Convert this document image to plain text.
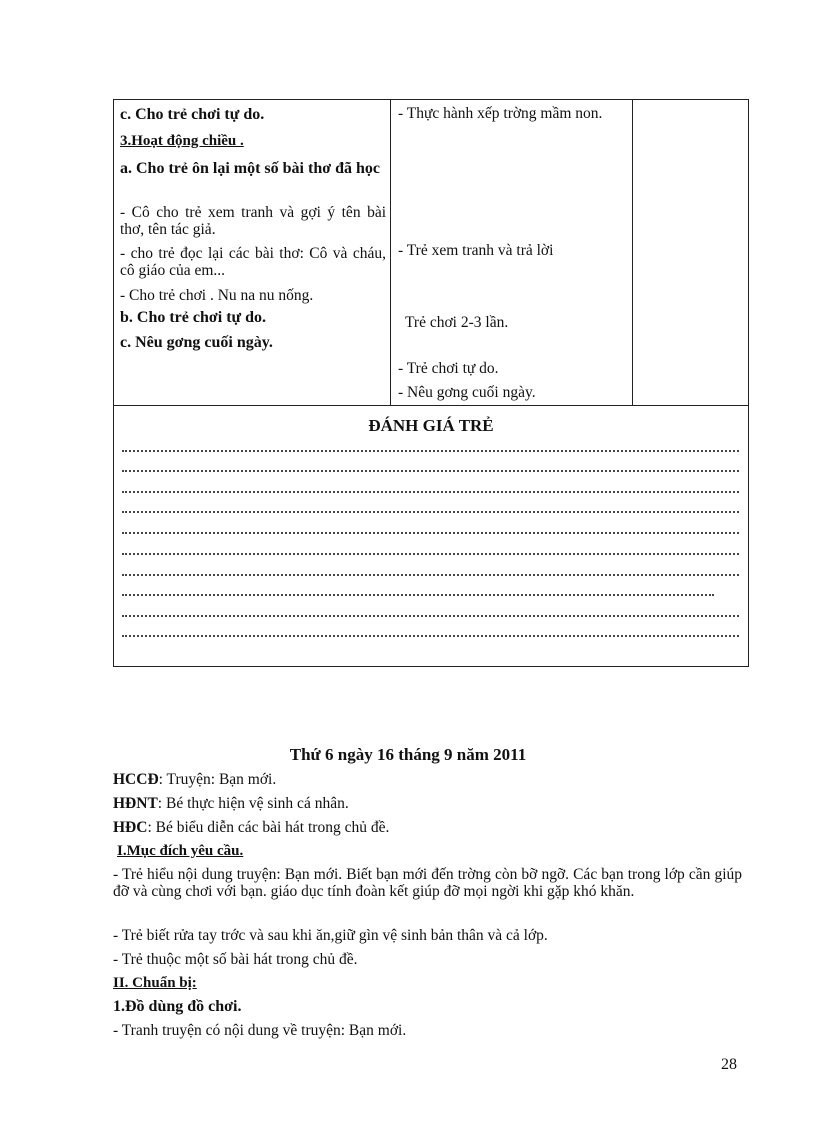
c. Cho trẻ chơi tự do.
3.Hoạt động chiều .
a. Cho trẻ ôn lại một số bài thơ đã học
- Cô cho trẻ xem tranh và gợi ý tên bài thơ, tên tác giả.
- cho trẻ đọc lại các bài thơ: Cô và cháu, cô giáo của em...
- Cho trẻ chơi . Nu na nu nống.
b. Cho trẻ chơi tự do.
c. Nêu gơng cuối ngày.
- Thực hành xếp trờng mầm non.
- Trẻ xem tranh và trả lời
Trẻ chơi 2-3 lần.
- Trẻ chơi tự do.
- Nêu gơng cuối ngày.
ĐÁNH GIÁ TRẺ
Thứ 6 ngày 16 tháng 9 năm 2011
HCCĐ: Truyện: Bạn mới.
HĐNT: Bé thực hiện vệ sinh cá nhân.
HĐC: Bé biểu diễn các bài hát trong chủ đề.
I.Mục đích yêu cầu.
- Trẻ hiểu nội dung truyện: Bạn mới. Biết bạn mới đến trờng còn bỡ ngỡ. Các bạn trong lớp cần giúp đỡ và cùng chơi với bạn. giáo dục tính đoàn kết giúp đỡ mọi ngời khi gặp khó khăn.
- Trẻ biết rửa tay trớc và sau khi ăn,giữ gìn vệ sinh bản thân và cả lớp.
- Trẻ thuộc một số bài hát trong chủ đề.
II. Chuẩn bị:
1.Đồ dùng đồ chơi.
- Tranh truyện có nội dung về truyện: Bạn mới.
28
